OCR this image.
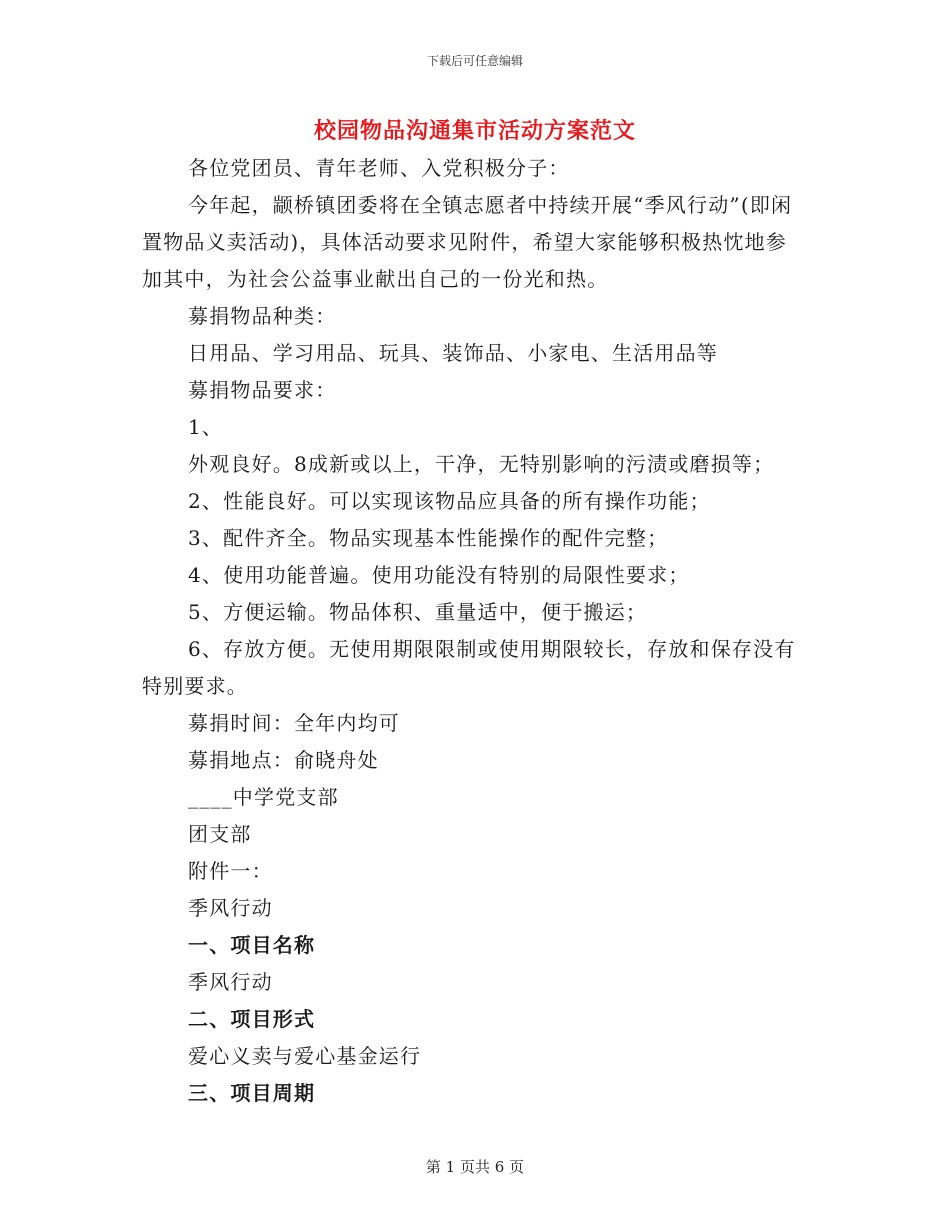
下载后可任意编辑
校园物品沟通集市活动方案范文

各位党团员、青年老师、入党积极分子：

今年起，颛桥镇团委将在全镇志愿者中持续开展“季风行动”(即闲置物品义卖活动)，具体活动要求见附件，希望大家能够积极热忱地参加其中，为社会公益事业献出自己的一份光和热。

募捐物品种类：

日用品、学习用品、玩具、装饰品、小家电、生活用品等

募捐物品要求：

1、

外观良好。8成新或以上，干净，无特别影响的污渍或磨损等；

2、性能良好。可以实现该物品应具备的所有操作功能；

3、配件齐全。物品实现基本性能操作的配件完整；

4、使用功能普遍。使用功能没有特别的局限性要求；

5、方便运输。物品体积、重量适中，便于搬运；

6、存放方便。无使用期限限制或使用期限较长，存放和保存没有特别要求。

募捐时间：全年内均可

募捐地点：俞晓舟处

____中学党支部

团支部

附件一：

季风行动

一、项目名称

季风行动

二、项目形式

爱心义卖与爱心基金运行

三、项目周期

第 1 页共 6 页
